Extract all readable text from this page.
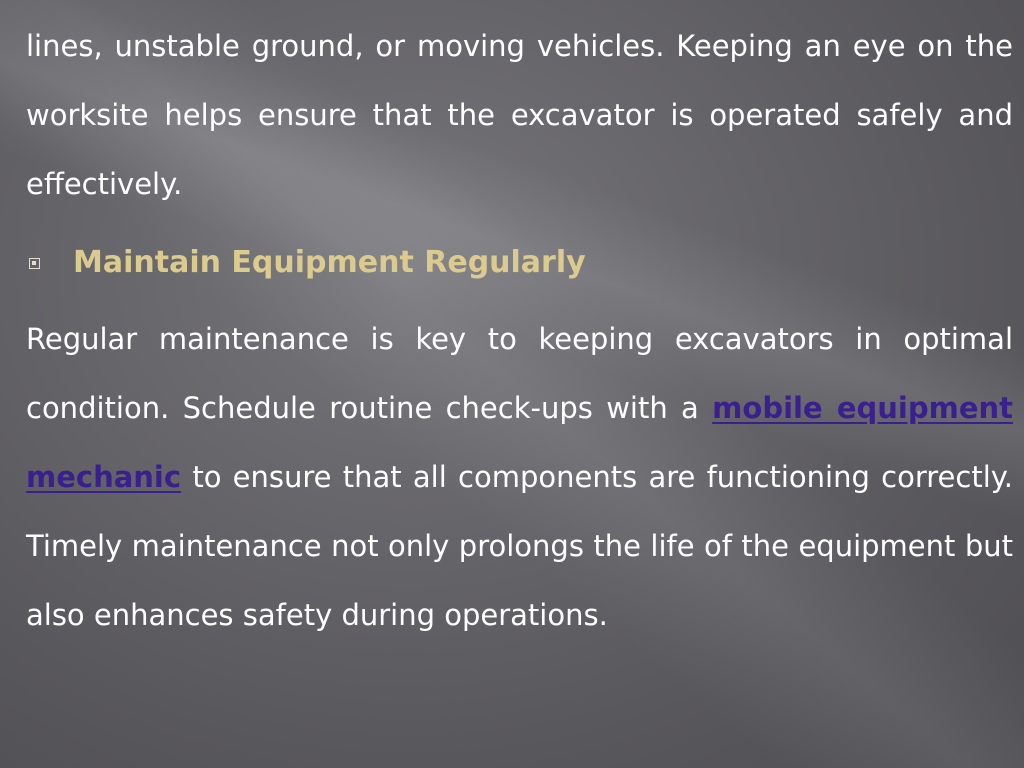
lines, unstable ground, or moving vehicles. Keeping an eye on the worksite helps ensure that the excavator is operated safely and effectively.

Maintain Equipment Regularly

Regular maintenance is key to keeping excavators in optimal condition. Schedule routine check-ups with a mobile equipment mechanic to ensure that all components are functioning correctly. Timely maintenance not only prolongs the life of the equipment but also enhances safety during operations.
